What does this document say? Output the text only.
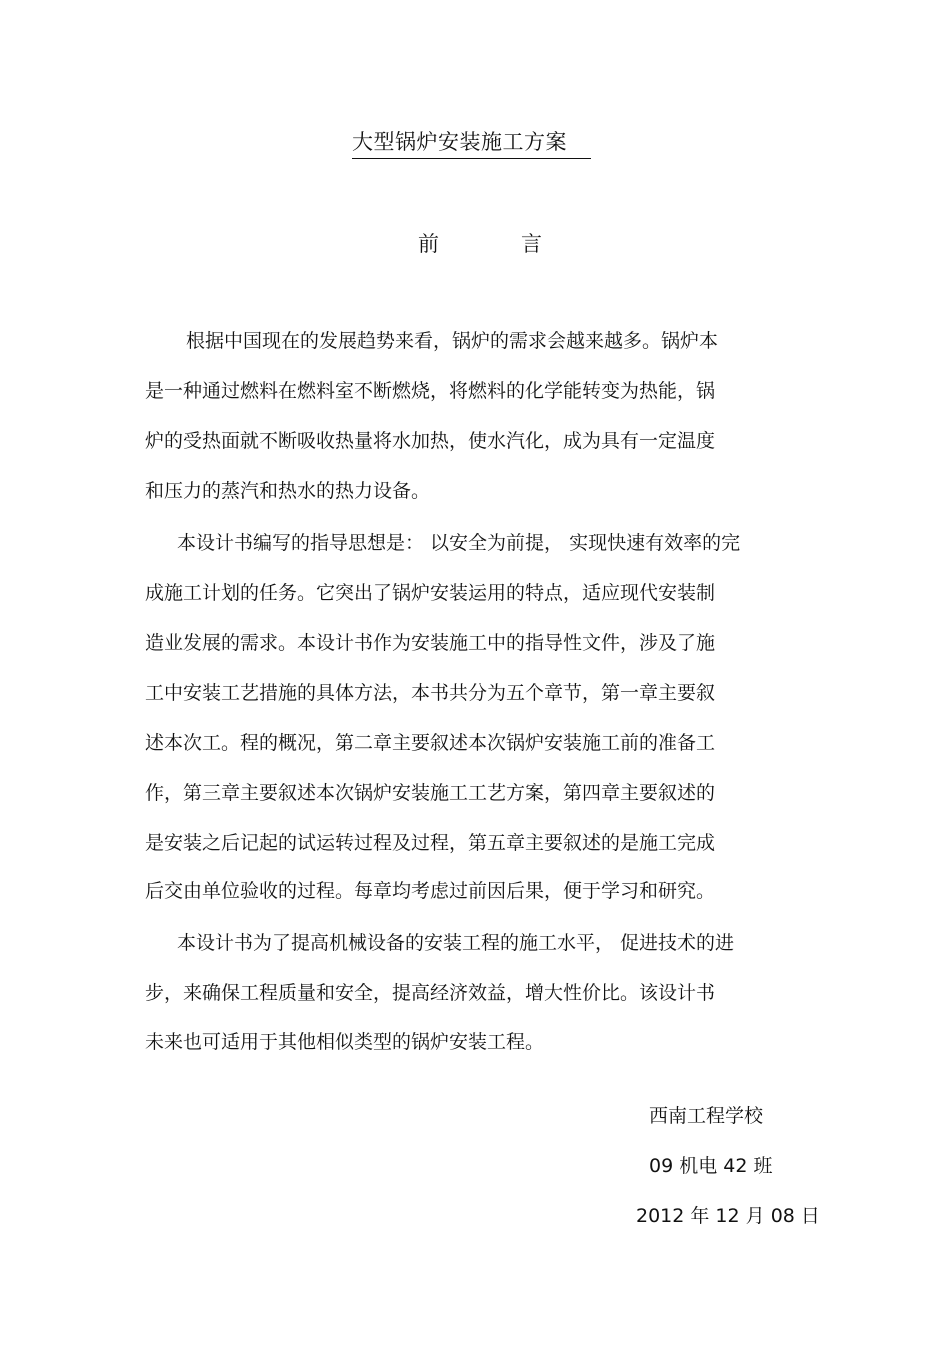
大型锅炉安装施工方案
前	言
根据中国现在的发展趋势来看，锅炉的需求会越来越多。锅炉本
是一种通过燃料在燃料室不断燃烧，将燃料的化学能转变为热能，锅
炉的受热面就不断吸收热量将水加热，使水汽化，成为具有一定温度
和压力的蒸汽和热水的热力设备。
本设计书编写的指导思想是： 以安全为前提， 实现快速有效率的完
成施工计划的任务。它突出了锅炉安装运用的特点，适应现代安装制
造业发展的需求。本设计书作为安装施工中的指导性文件，涉及了施
工中安装工艺措施的具体方法，本书共分为五个章节，第一章主要叙
述本次工。程的概况，第二章主要叙述本次锅炉安装施工前的准备工
作，第三章主要叙述本次锅炉安装施工工艺方案，第四章主要叙述的
是安装之后记起的试运转过程及过程，第五章主要叙述的是施工完成
后交由单位验收的过程。每章均考虑过前因后果，便于学习和研究。
本设计书为了提高机械设备的安装工程的施工水平， 促进技术的进
步，来确保工程质量和安全，提高经济效益，增大性价比。该设计书
未来也可适用于其他相似类型的锅炉安装工程。
西南工程学校
09 机电 42 班
2012 年 12 月 08 日
